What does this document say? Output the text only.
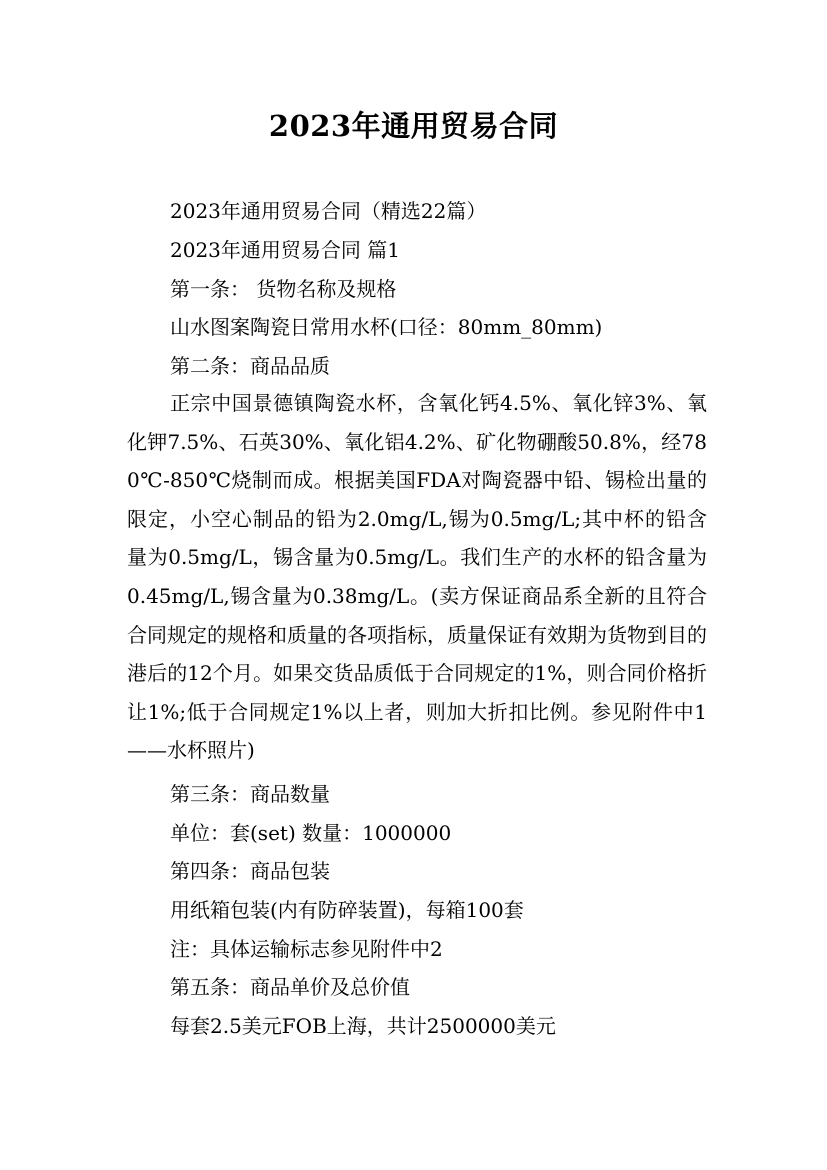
2023年通用贸易合同
2023年通用贸易合同（精选22篇）
2023年通用贸易合同 篇1
第一条： 货物名称及规格
山水图案陶瓷日常用水杯(口径：80mm_80mm)
第二条：商品品质

正宗中国景德镇陶瓷水杯，含氧化钙4.5%、氧化锌3%、氧化钾7.5%、石英30%、氧化铝4.2%、矿化物硼酸50.8%，经780℃-850℃烧制而成。根据美国FDA对陶瓷器中铅、锡检出量的限定，小空心制品的铅为2.0mg/L,锡为0.5mg/L;其中杯的铅含量为0.5mg/L，锡含量为0.5mg/L。我们生产的水杯的铅含量为0.45mg/L,锡含量为0.38mg/L。(卖方保证商品系全新的且符合合同规定的规格和质量的各项指标，质量保证有效期为货物到目的港后的12个月。如果交货品质低于合同规定的1%，则合同价格折让1%;低于合同规定1%以上者，则加大折扣比例。参见附件中1——水杯照片)

第三条：商品数量
单位：套(set) 数量：1000000
第四条：商品包装
用纸箱包装(内有防碎装置)，每箱100套
注：具体运输标志参见附件中2
第五条：商品单价及总价值
每套2.5美元FOB上海，共计2500000美元
